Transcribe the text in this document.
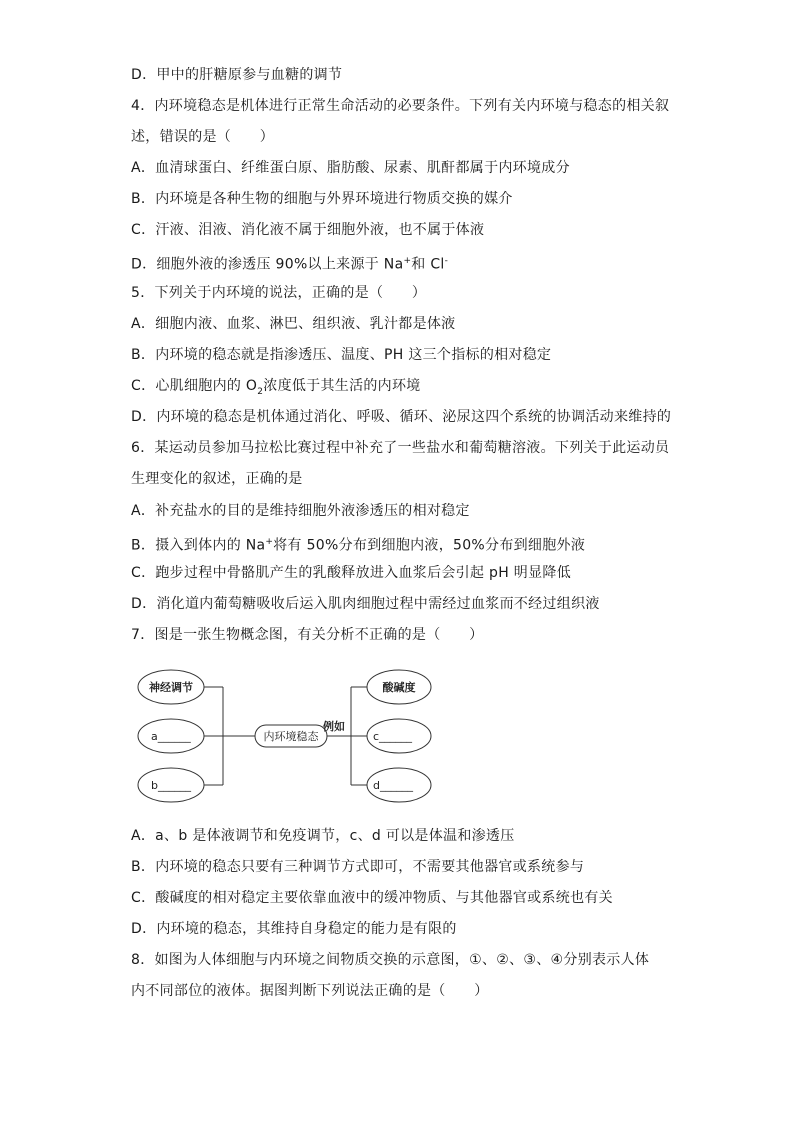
D．甲中的肝糖原参与血糖的调节
4．内环境稳态是机体进行正常生命活动的必要条件。下列有关内环境与稳态的相关叙
述，错误的是（　　）
A．血清球蛋白、纤维蛋白原、脂肪酸、尿素、肌酐都属于内环境成分
B．内环境是各种生物的细胞与外界环境进行物质交换的媒介
C．汗液、泪液、消化液不属于细胞外液，也不属于体液
D．细胞外液的渗透压 90%以上来源于 Na+和 Cl-
5．下列关于内环境的说法，正确的是（　　）
A．细胞内液、血浆、淋巴、组织液、乳汁都是体液
B．内环境的稳态就是指渗透压、温度、PH 这三个指标的相对稳定
C．心肌细胞内的 $O_2$浓度低于其生活的内环境
D．内环境的稳态是机体通过消化、呼吸、循环、泌尿这四个系统的协调活动来维持的
6．某运动员参加马拉松比赛过程中补充了一些盐水和葡萄糖溶液。下列关于此运动员
生理变化的叙述，正确的是
A．补充盐水的目的是维持细胞外液渗透压的相对稳定
B．摄入到体内的 Na+将有 50%分布到细胞内液，50%分布到细胞外液
C．跑步过程中骨骼肌产生的乳酸释放进入血浆后会引起 pH 明显降低
D．消化道内葡萄糖吸收后运入肌肉细胞过程中需经过血浆而不经过组织液
7．图是一张生物概念图，有关分析不正确的是（　　）
神经调节
a______
b______
内环境稳态
例如
酸碱度
c______
d______
A．a、b 是体液调节和免疫调节，c、d 可以是体温和渗透压
B．内环境的稳态只要有三种调节方式即可，不需要其他器官或系统参与
C．酸碱度的相对稳定主要依靠血液中的缓冲物质、与其他器官或系统也有关
D．内环境的稳态，其维持自身稳定的能力是有限的
8．如图为人体细胞与内环境之间物质交换的示意图，①、②、③、④分别表示人体
内不同部位的液体。据图判断下列说法正确的是（　　）
